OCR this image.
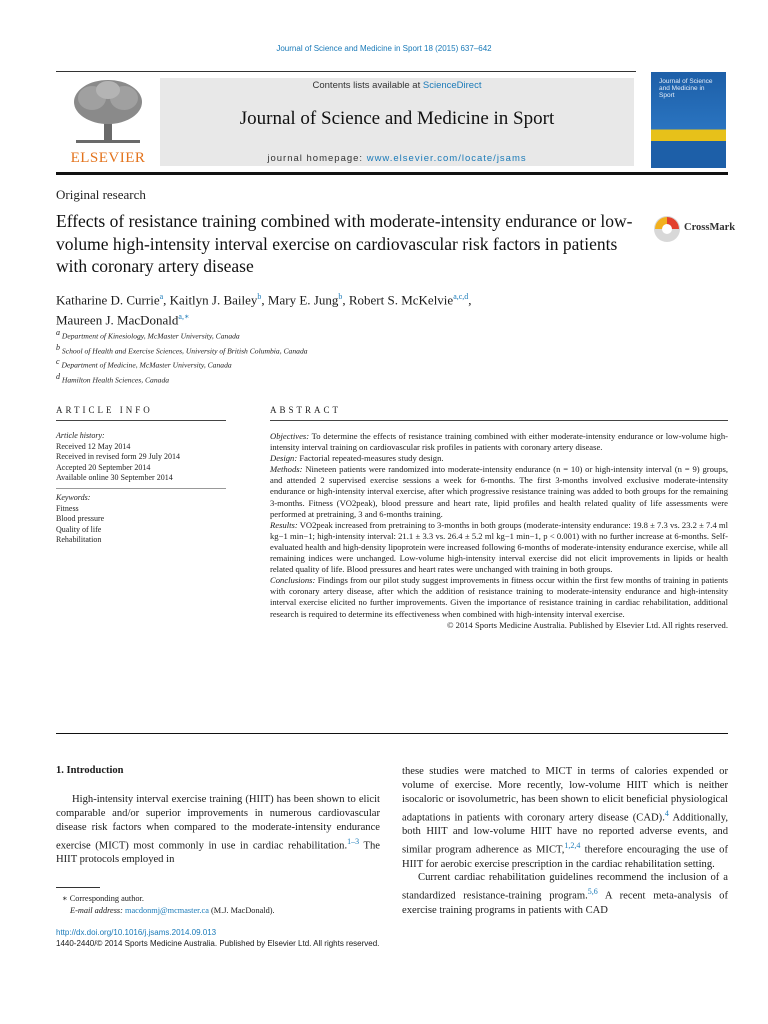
Journal of Science and Medicine in Sport 18 (2015) 637–642
ELSEVIER
Contents lists available at ScienceDirect
Journal of Science and Medicine in Sport
journal homepage: www.elsevier.com/locate/jsams
Journal of Science and Medicine in Sport
Original research
Effects of resistance training combined with moderate-intensity endurance or low-volume high-intensity interval exercise on cardiovascular risk factors in patients with coronary artery disease
CrossMark
Katharine D. Currie$^a$, Kaitlyn J. Bailey$^b$, Mary E. Jung$^b$, Robert S. McKelvie$^{a,c,d}$,
Maureen J. MacDonald$^{a,∗}$
$^a$ Department of Kinesiology, McMaster University, Canada
$^b$ School of Health and Exercise Sciences, University of British Columbia, Canada
$^c$ Department of Medicine, McMaster University, Canada
$^d$ Hamilton Health Sciences, Canada
ARTICLE INFO	ABSTRACT
Article history:
Received 12 May 2014
Received in revised form 29 July 2014
Accepted 20 September 2014
Available online 30 September 2014
Keywords:
Fitness
Blood pressure
Quality of life
Rehabilitation

Objectives: To determine the effects of resistance training combined with either moderate-intensity endurance or low-volume high-intensity interval training on cardiovascular risk profiles in patients with coronary artery disease.

Design: Factorial repeated-measures study design.

Methods: Nineteen patients were randomized into moderate-intensity endurance (n = 10) or high-intensity interval (n = 9) groups, and attended 2 supervised exercise sessions a week for 6-months. The first 3-months involved exclusive moderate-intensity endurance or high-intensity interval exercise, after which progressive resistance training was added to both groups for the remaining 3-months. Fitness (VO2peak), blood pressure and heart rate, lipid profiles and health related quality of life assessments were performed at pretraining, 3 and 6-months training.

Results: VO2peak increased from pretraining to 3-months in both groups (moderate-intensity endurance: 19.8 ± 7.3 vs. 23.2 ± 7.4 ml kg−1 min−1; high-intensity interval: 21.1 ± 3.3 vs. 26.4 ± 5.2 ml kg−1 min−1, p < 0.001) with no further increase at 6-months. Self-evaluated health and high-density lipoprotein were increased following 6-months of moderate-intensity endurance exercise, while all remaining indices were unchanged. Low-volume high-intensity interval exercise did not elicit improvements in lipids or health related quality of life. Blood pressures and heart rates were unchanged with training in both groups.

Conclusions: Findings from our pilot study suggest improvements in fitness occur within the first few months of training in patients with coronary artery disease, after which the addition of resistance training to moderate-intensity endurance and high-intensity interval exercise elicited no further improvements. Given the importance of resistance training in cardiac rehabilitation, additional research is required to determine its effectiveness when combined with high-intensity interval exercise.

© 2014 Sports Medicine Australia. Published by Elsevier Ltd. All rights reserved.

1. Introduction

High-intensity interval exercise training (HIIT) has been shown to elicit comparable and/or superior improvements in numerous cardiovascular disease risk factors when compared to the moderate-intensity endurance exercise (MICT) most commonly in use in cardiac rehabilitation.$^{1-3}$ The HIIT protocols employed in

these studies were matched to MICT in terms of calories expended or volume of exercise. More recently, low-volume HIIT which is neither isocaloric or isovolumetric, has been shown to elicit beneficial physiological adaptations in patients with coronary artery disease (CAD).$^4$ Additionally, both HIIT and low-volume HIIT have no reported adverse events, and similar program adherence as MICT,$^{1,2,4}$ therefore encouraging the use of HIIT for aerobic exercise prescription in the cardiac rehabilitation setting.

Current cardiac rehabilitation guidelines recommend the inclusion of a standardized resistance-training program.$^{5,6}$ A recent meta-analysis of exercise training programs in patients with CAD

∗ Corresponding author.
E-mail address: macdonmj@mcmaster.ca (M.J. MacDonald).
http://dx.doi.org/10.1016/j.jsams.2014.09.013
1440-2440/© 2014 Sports Medicine Australia. Published by Elsevier Ltd. All rights reserved.
